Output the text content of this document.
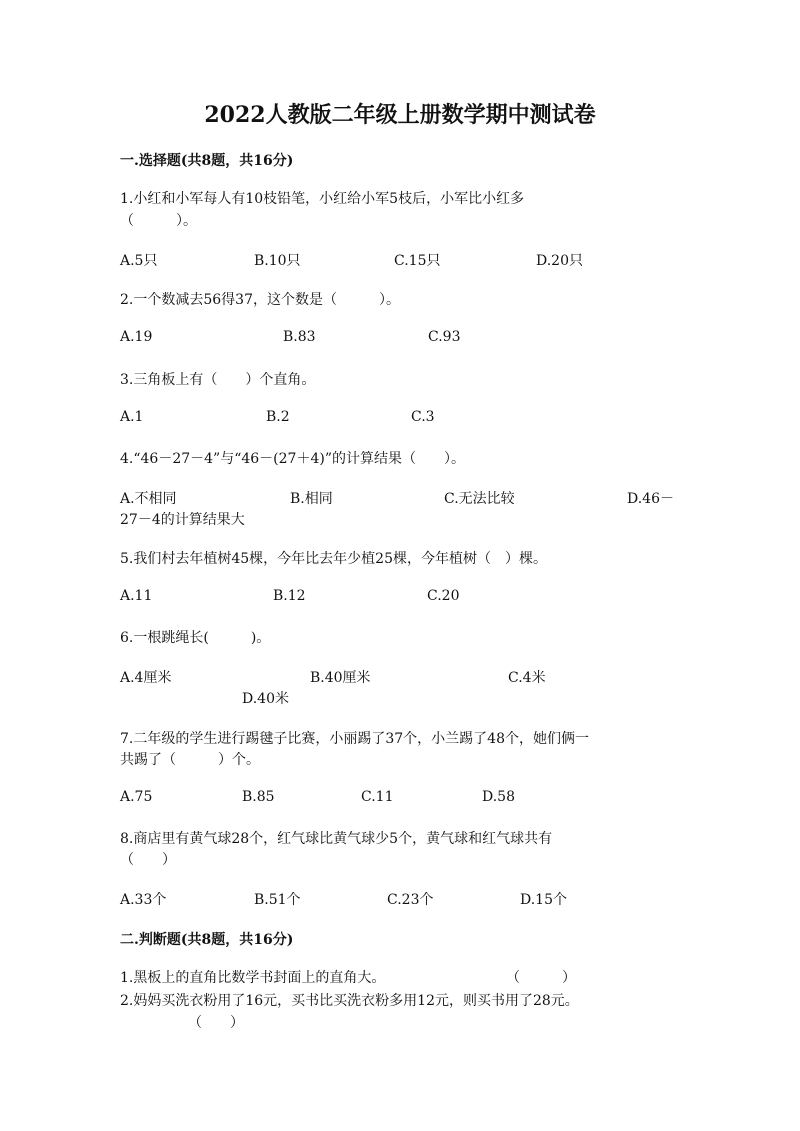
2022人教版二年级上册数学期中测试卷
一.选择题(共8题，共16分)
1.小红和小军每人有10枝铅笔，小红给小军5枝后，小军比小红多
（　　　）。
A.5只	B.10只	C.15只	D.20只
2.一个数减去56得37，这个数是（　　　）。
A.19	B.83	C.93
3.三角板上有（　　）个直角。
A.1	B.2	C.3
4.“46－27－4”与“46－(27＋4)”的计算结果（　　）。
A.不相同	B.相同	C.无法比较	D.46－
27－4的计算结果大
5.我们村去年植树45棵，今年比去年少植25棵，今年植树（　）棵。
A.11	B.12	C.20
6.一根跳绳长(　　　)。
A.4厘米	B.40厘米	C.4米
D.40米
7.二年级的学生进行踢毽子比赛，小丽踢了37个，小兰踢了48个，她们俩一
共踢了（　　　）个。
A.75	B.85	C.11	D.58
8.商店里有黄气球28个，红气球比黄气球少5个，黄气球和红气球共有
（　　）
A.33个	B.51个	C.23个	D.15个
二.判断题(共8题，共16分)
1.黑板上的直角比数学书封面上的直角大。	（　　　）
2.妈妈买洗衣粉用了16元，买书比买洗衣粉多用12元，则买书用了28元。
（　　）
